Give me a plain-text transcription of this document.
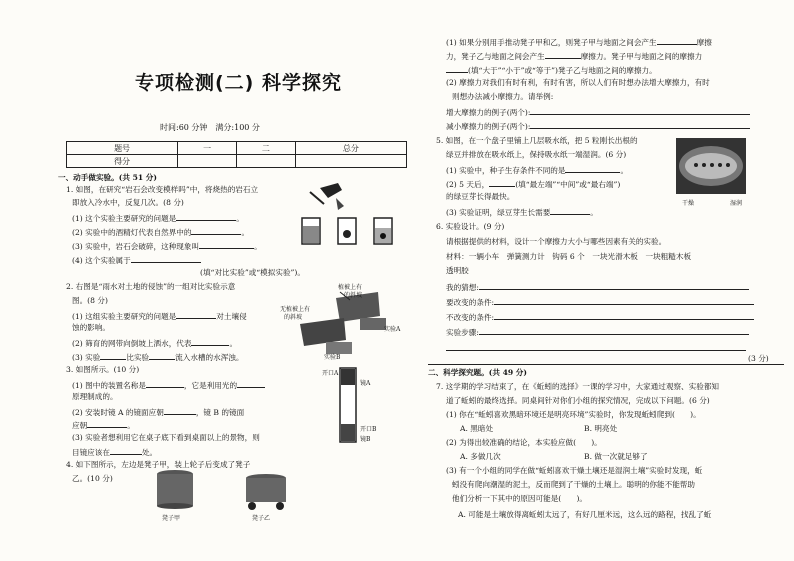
专项检测(二) 科学探究
时间:60 分钟　满分:100 分
题号	一	二	总分
得分			
一、动手做实验。(共 51 分)
1. 如图，在研究“岩石会改变模样吗”中，将烧热的岩石立
即放入冷水中，反复几次。(8 分)
(1) 这个实验主要研究的问题是	。
(2) 实验中的酒精灯代表自然界中的	。
(3) 实验中，岩石会破碎，这种现象叫	。
(4) 这个实验属于
(填“对比实验”或“模拟实验”)。
2. 右图是“雨水对土地的侵蚀”的一组对比实验示意
图。(8 分)
(1) 这组实验主要研究的问题是	对土壤侵
蚀的影响。
(2) 筛育的网带向倒坡上洒水，代表	。
(3) 实验	比实验	流入水槽的水浑浊。
植被上有
的斜坡
无植被上有
的斜坡
实验A
实验B
3. 如图所示。(10 分)
(1) 图中的装置名称是	，它是利用光的
原理制成的。
(2) 安装时镜 A 的镜面应朝	，镜 B 的镜面
应朝	。
(3) 实验者想利用它在桌子底下看到桌面以上的景物，则
目镜应该在	处。
开口A
镜A
开口B
镜B
4. 如下图所示，左边是凳子甲，装上轮子后变成了凳子
乙。(10 分)
凳子甲	凳子乙
(1) 如果分别用手推动凳子甲和乙，则凳子甲与地面之间会产生	摩擦
力，凳子乙与地面之间会产生	摩擦力。凳子甲与地面之间的摩擦力
(填“大于”“小于”或“等于”)凳子乙与地面之间的摩擦力。
(2) 摩擦力对我们有时有利，有时有害，所以人们有时想办法增大摩擦力，有时
则想办法减小摩擦力。请举例:
增大摩擦力的例子(两个):
减小摩擦力的例子(两个):
5. 如图，在一个盘子里铺上几层吸水纸，把 5 粒刚长出根的
绿豆并排放在吸水纸上，保持吸水纸一端湿润。(6 分)
(1) 实验中，种子生存条件不同的是	。
(2) 5 天后，	(填“最左端”“中间”或“最右端”)
的绿豆芽长得最快。
(3) 实验证明，绿豆芽生长需要	。
干燥	湿润
6. 实验设计。(9 分)
请根据提供的材料，设计一个摩擦力大小与哪些因素有关的实验。
材料：一辆小车　弹簧测力计　钩码 6 个　一块光滑木板　一块粗糙木板
透明胶
我的猜想:
要改变的条件:
不改变的条件:
实验步骤:
(3 分)
二、科学探究题。(共 49 分)
7. 这学期的学习结束了，在《蚯蚓的选择》一课的学习中，大家通过观察、实验都知
道了蚯蚓的最终选择。同桌间针对你们小组的探究情况，完成以下问题。(6 分)
(1) 你在“蚯蚓喜欢黑暗环境还是明亮环境”实验时，你发现蚯蚓爬到(　　)。
A. 黑暗处	B. 明亮处
(2) 为得出较准确的结论，本实验应做(　　)。
A. 多做几次	B. 做一次就足够了
(3) 有一个小组的同学在做“蚯蚓喜欢干燥土壤还是湿润土壤”实验时发现，蚯
蚓没有爬向潮湿的泥土，反而爬到了干燥的土壤上。聪明的你能不能帮助
他们分析一下其中的原因可能是(　　)。
A. 可能是土壤放得离蚯蚓太远了，有好几厘米远，这么远的路程，找乱了蚯
